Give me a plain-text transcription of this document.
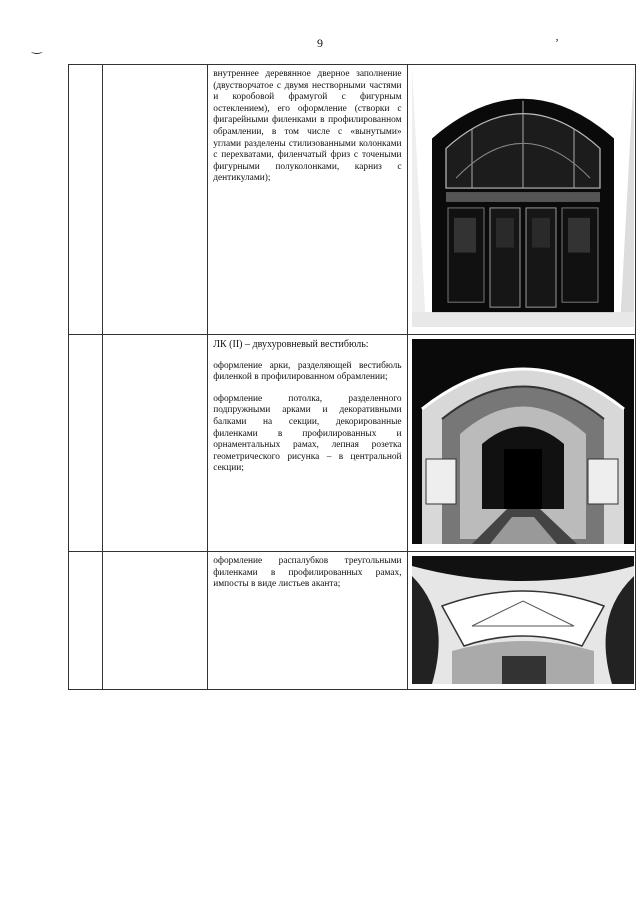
9
‿	ʼ

		внутреннее деревянное дверное заполнение (двустворчатое с двумя нестворными частями и коробовой фрамугой с фигурным остеклением), его оформление (створки с фигарейными филенками в профилированном обрамлении, в том числе с «вынутыми» углами разделены стилизованными колонками с перехватами, филенчатый фриз с точеными фигурными полуколонками, карниз с дентикулами);

		ЛК (II) – двухуровневый вестибюль:

оформление арки, разделяющей вестибюль филенкой в профилированном обрамлении;

оформление потолка, разделенного подпружными арками и декоративными балками на секции, декорированные филенками в профилированных и орнаментальных рамах, лепная розетка геометрического рисунка – в центральной секции;

		оформление распалубков треугольными филенками в профилированных рамах, импосты в виде листьев аканта;
